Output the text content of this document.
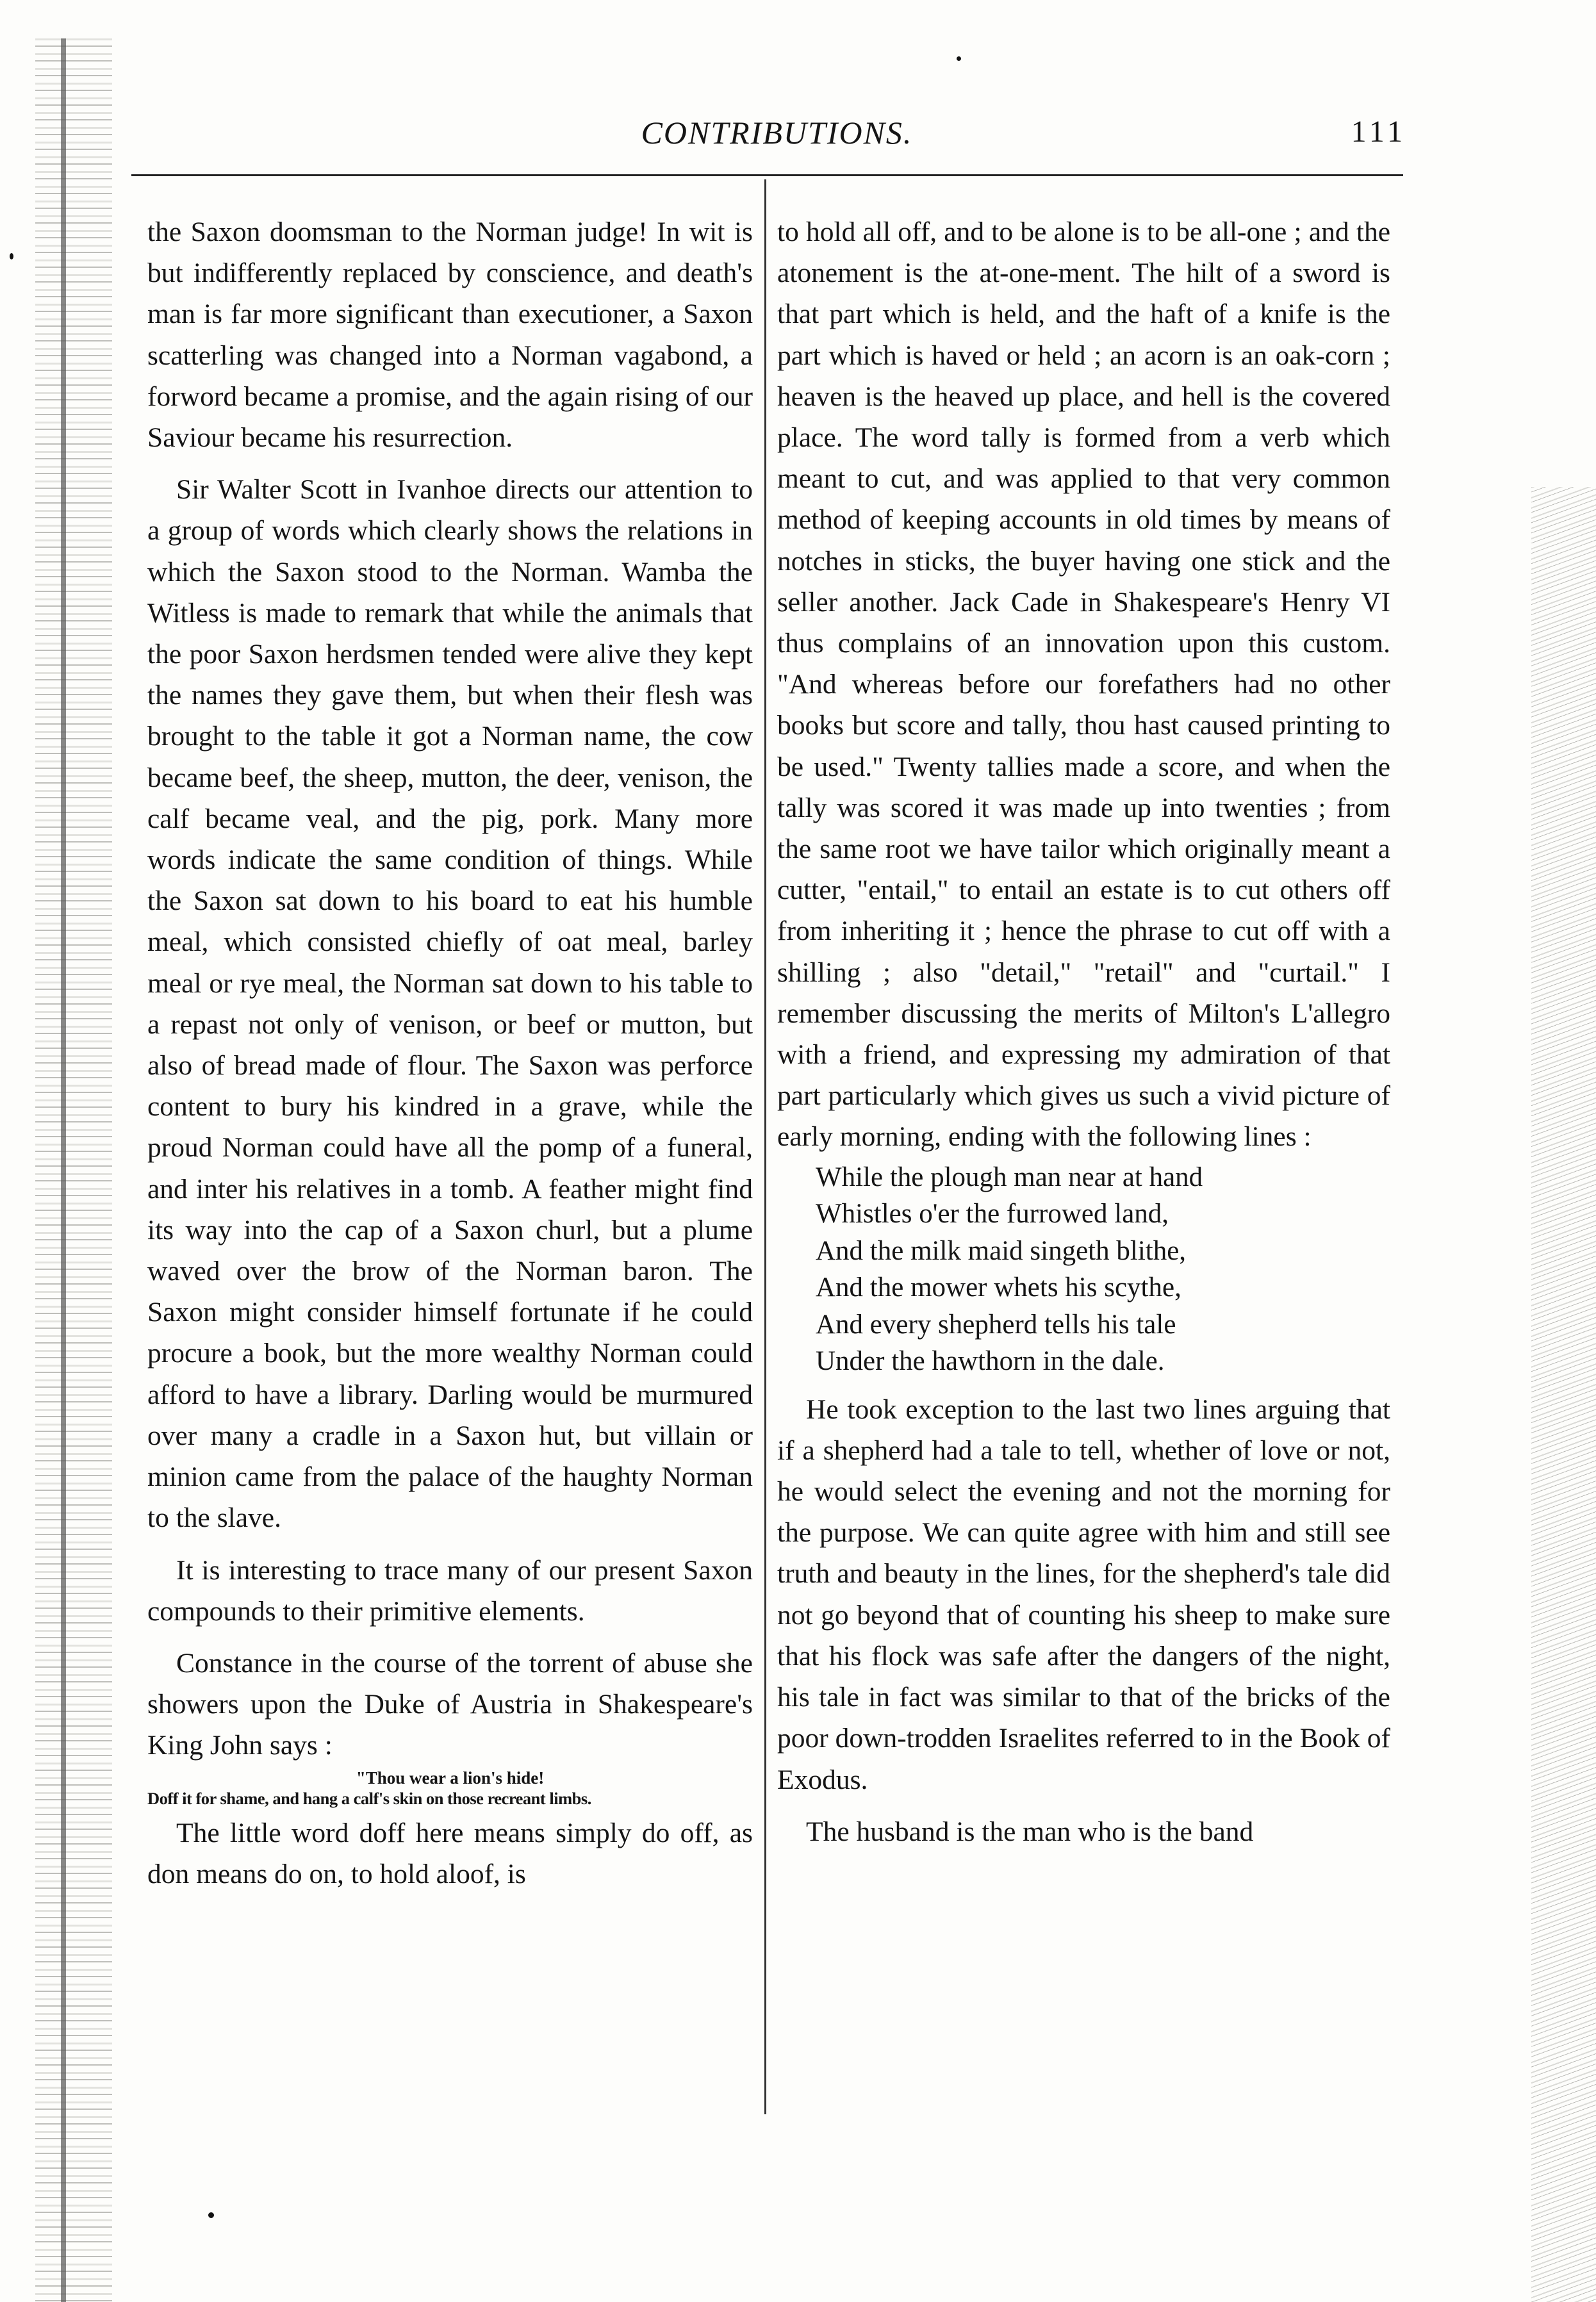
CONTRIBUTIONS.	111

the Saxon doomsman to the Norman judge! In wit is but indifferently replaced by conscience, and death's man is far more significant than executioner, a Saxon scatterling was changed into a Norman vagabond, a forword became a promise, and the again rising of our Saviour became his resurrection.

Sir Walter Scott in Ivanhoe directs our attention to a group of words which clearly shows the relations in which the Saxon stood to the Norman. Wamba the Witless is made to remark that while the animals that the poor Saxon herdsmen tended were alive they kept the names they gave them, but when their flesh was brought to the table it got a Norman name, the cow became beef, the sheep, mutton, the deer, venison, the calf became veal, and the pig, pork. Many more words indicate the same condition of things. While the Saxon sat down to his board to eat his humble meal, which consisted chiefly of oat meal, barley meal or rye meal, the Norman sat down to his table to a repast not only of venison, or beef or mutton, but also of bread made of flour. The Saxon was perforce content to bury his kindred in a grave, while the proud Norman could have all the pomp of a funeral, and inter his relatives in a tomb. A feather might find its way into the cap of a Saxon churl, but a plume waved over the brow of the Norman baron. The Saxon might consider himself fortunate if he could procure a book, but the more wealthy Norman could afford to have a library. Darling would be murmured over many a cradle in a Saxon hut, but villain or minion came from the palace of the haughty Norman to the slave.

It is interesting to trace many of our present Saxon compounds to their primitive elements.

Constance in the course of the torrent of abuse she showers upon the Duke of Austria in Shakespeare's King John says :

"Thou wear a lion's hide!
Doff it for shame, and hang a calf's skin on those recreant limbs.

The little word doff here means simply do off, as don means do on, to hold aloof, is

to hold all off, and to be alone is to be all-one ; and the atonement is the at-one-ment. The hilt of a sword is that part which is held, and the haft of a knife is the part which is haved or held ; an acorn is an oak-corn ; heaven is the heaved up place, and hell is the covered place. The word tally is formed from a verb which meant to cut, and was applied to that very common method of keeping accounts in old times by means of notches in sticks, the buyer having one stick and the seller another. Jack Cade in Shakespeare's Henry VI thus complains of an innovation upon this custom. "And whereas before our forefathers had no other books but score and tally, thou hast caused printing to be used." Twenty tallies made a score, and when the tally was scored it was made up into twenties ; from the same root we have tailor which originally meant a cutter, "entail," to entail an estate is to cut others off from inheriting it ; hence the phrase to cut off with a shilling ; also "detail," "retail" and "curtail." I remember discussing the merits of Milton's L'allegro with a friend, and expressing my admiration of that part particularly which gives us such a vivid picture of early morning, ending with the following lines :

While the plough man near at hand
Whistles o'er the furrowed land,
And the milk maid singeth blithe,
And the mower whets his scythe,
And every shepherd tells his tale
Under the hawthorn in the dale.

He took exception to the last two lines arguing that if a shepherd had a tale to tell, whether of love or not, he would select the evening and not the morning for the purpose. We can quite agree with him and still see truth and beauty in the lines, for the shepherd's tale did not go beyond that of counting his sheep to make sure that his flock was safe after the dangers of the night, his tale in fact was similar to that of the bricks of the poor down-trodden Israelites referred to in the Book of Exodus.

The husband is the man who is the band
